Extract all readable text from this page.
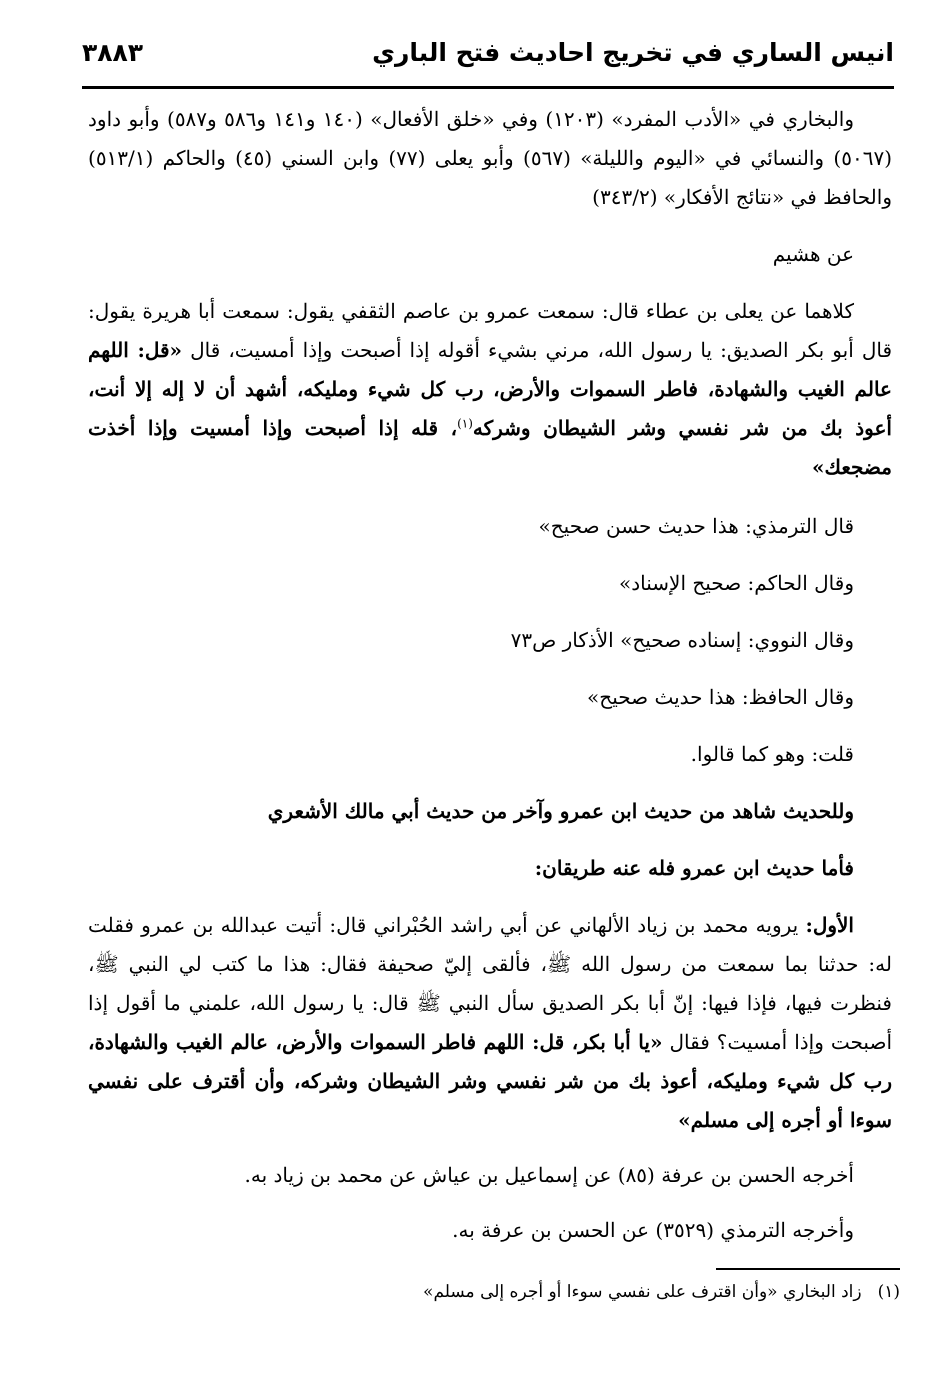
انيس الساري في تخريج احاديث فتح الباري
٣٨٨٣

والبخاري في «الأدب المفرد» (١٢٠٣) وفي «خلق الأفعال» (١٤٠ و١٤١ و٥٨٦ و٥٨٧) وأبو داود (٥٠٦٧) والنسائي في «اليوم والليلة» (٥٦٧) وأبو يعلى (٧٧) وابن السني (٤٥) والحاكم (٥١٣/١) والحافظ في «نتائج الأفكار» (٣٤٣/٢)

عن هشيم

كلاهما عن يعلى بن عطاء قال: سمعت عمرو بن عاصم الثقفي يقول: سمعت أبا هريرة يقول: قال أبو بكر الصديق: يا رسول الله، مرني بشيء أقوله إذا أصبحت وإذا أمسيت، قال «قل: اللهم عالم الغيب والشهادة، فاطر السموات والأرض، رب كل شيء ومليكه، أشهد أن لا إله إلا أنت، أعوذ بك من شر نفسي وشر الشيطان وشركه$^{(١)}$، قله إذا أصبحت وإذا أمسيت وإذا أخذت مضجعك»

قال الترمذي: هذا حديث حسن صحيح»

وقال الحاكم: صحيح الإسناد»

وقال النووي: إسناده صحيح» الأذكار ص٧٣

وقال الحافظ: هذا حديث صحيح»

قلت: وهو كما قالوا.

وللحديث شاهد من حديث ابن عمرو وآخر من حديث أبي مالك الأشعري

فأما حديث ابن عمرو فله عنه طريقان:

الأول: يرويه محمد بن زياد الألهاني عن أبي راشد الحُبْراني قال: أتيت عبدالله بن عمرو فقلت له: حدثنا بما سمعت من رسول الله ﷺ، فألقى إليّ صحيفة فقال: هذا ما كتب لي النبي ﷺ، فنظرت فيها، فإذا فيها: إنّ أبا بكر الصديق سأل النبي ﷺ قال: يا رسول الله، علمني ما أقول إذا أصبحت وإذا أمسيت؟ فقال «يا أبا بكر، قل: اللهم فاطر السموات والأرض، عالم الغيب والشهادة، رب كل شيء ومليكه، أعوذ بك من شر نفسي وشر الشيطان وشركه، وأن أقترف على نفسي سوءا أو أجره إلى مسلم»

أخرجه الحسن بن عرفة (٨٥) عن إسماعيل بن عياش عن محمد بن زياد به.

وأخرجه الترمذي (٣٥٢٩) عن الحسن بن عرفة به.

(١)زاد البخاري «وأن اقترف على نفسي سوءا أو أجره إلى مسلم»
